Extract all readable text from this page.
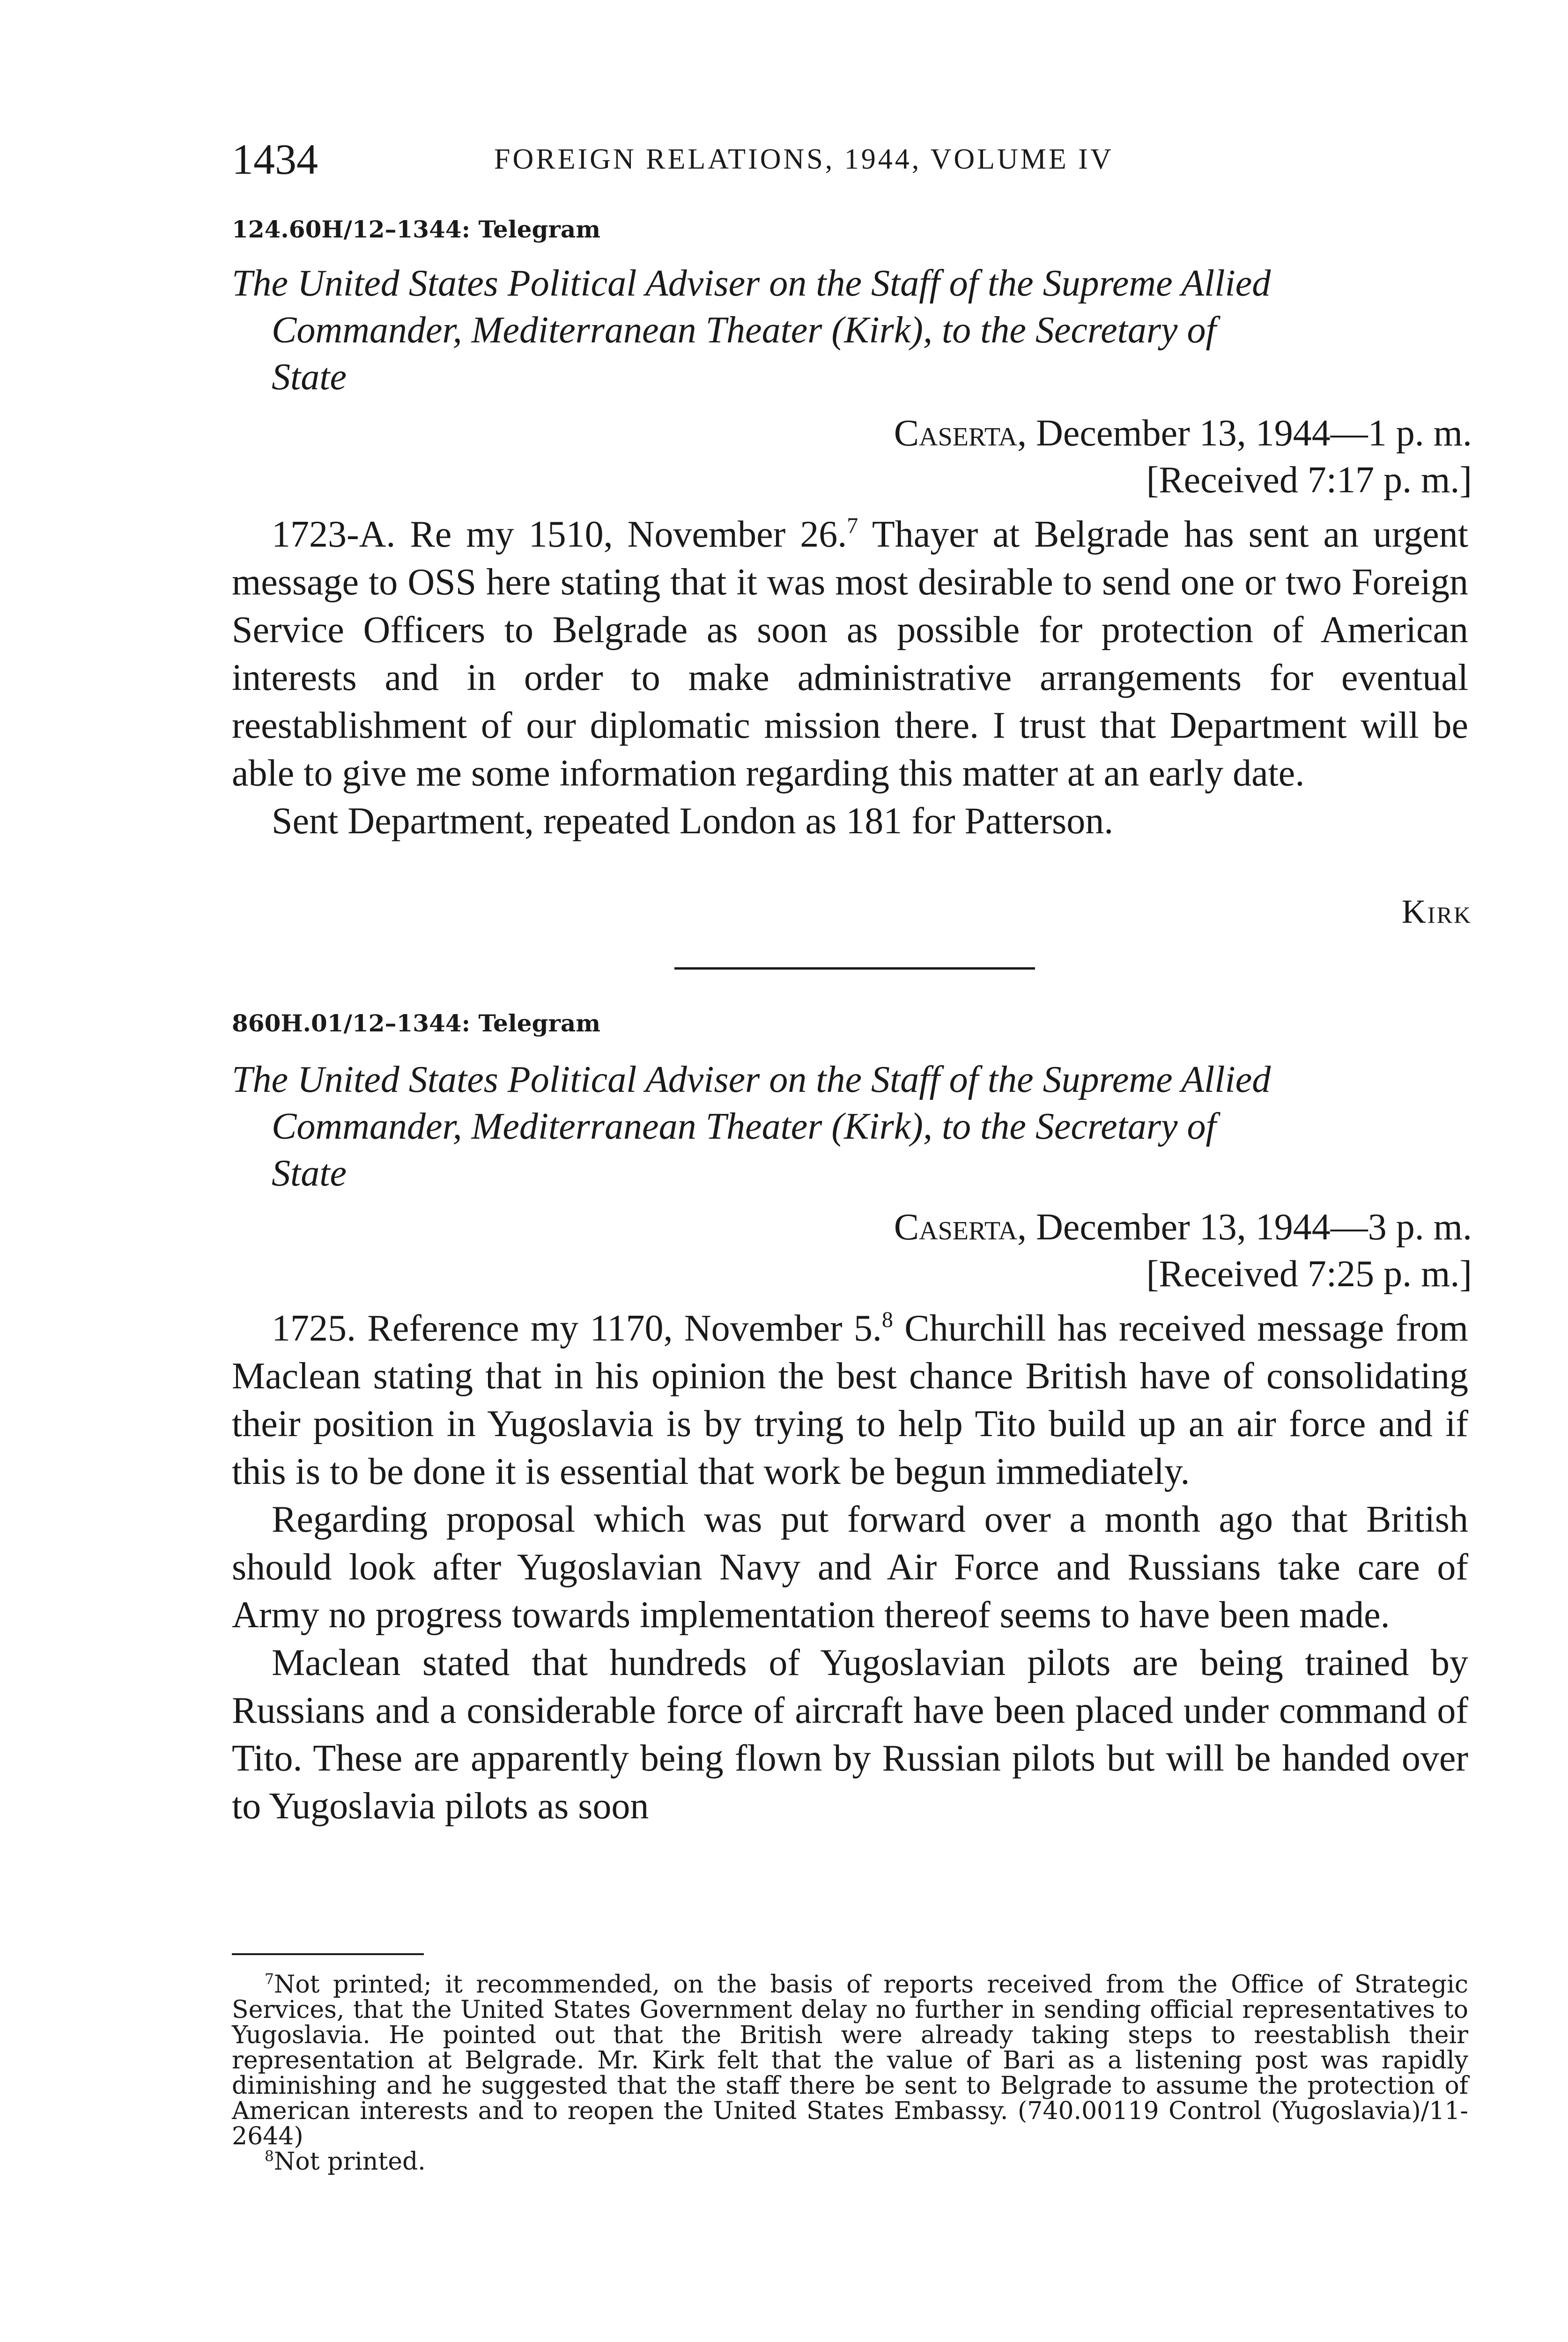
1434	FOREIGN RELATIONS, 1944, VOLUME IV
124.60H/12–1344: Telegram
The United States Political Adviser on the Staff of the Supreme Allied
Commander, Mediterranean Theater (Kirk), to the Secretary of
State
Caserta, December 13, 1944—1 p. m.
[Received 7:17 p. m.]

1723-A. Re my 1510, November 26.$^7$ Thayer at Belgrade has sent an urgent message to OSS here stating that it was most desirable to send one or two Foreign Service Officers to Belgrade as soon as possible for protection of American interests and in order to make administrative arrangements for eventual reestablishment of our diplomatic mission there. I trust that Department will be able to give me some information regarding this matter at an early date.

Sent Department, repeated London as 181 for Patterson.

Kirk
860H.01/12–1344: Telegram
The United States Political Adviser on the Staff of the Supreme Allied
Commander, Mediterranean Theater (Kirk), to the Secretary of
State
Caserta, December 13, 1944—3 p. m.
[Received 7:25 p. m.]

1725. Reference my 1170, November 5.$^8$ Churchill has received message from Maclean stating that in his opinion the best chance British have of consolidating their position in Yugoslavia is by trying to help Tito build up an air force and if this is to be done it is essential that work be begun immediately.

Regarding proposal which was put forward over a month ago that British should look after Yugoslavian Navy and Air Force and Russians take care of Army no progress towards implementation thereof seems to have been made.

Maclean stated that hundreds of Yugoslavian pilots are being trained by Russians and a considerable force of aircraft have been placed under command of Tito. These are apparently being flown by Russian pilots but will be handed over to Yugoslavia pilots as soon

$^7$Not printed; it recommended, on the basis of reports received from the Office of Strategic Services, that the United States Government delay no further in sending official representatives to Yugoslavia. He pointed out that the British were already taking steps to reestablish their representation at Belgrade. Mr. Kirk felt that the value of Bari as a listening post was rapidly diminishing and he suggested that the staff there be sent to Belgrade to assume the protection of American interests and to reopen the United States Embassy. (740.00119 Control (Yugoslavia)/11-2644)

$^8$Not printed.
